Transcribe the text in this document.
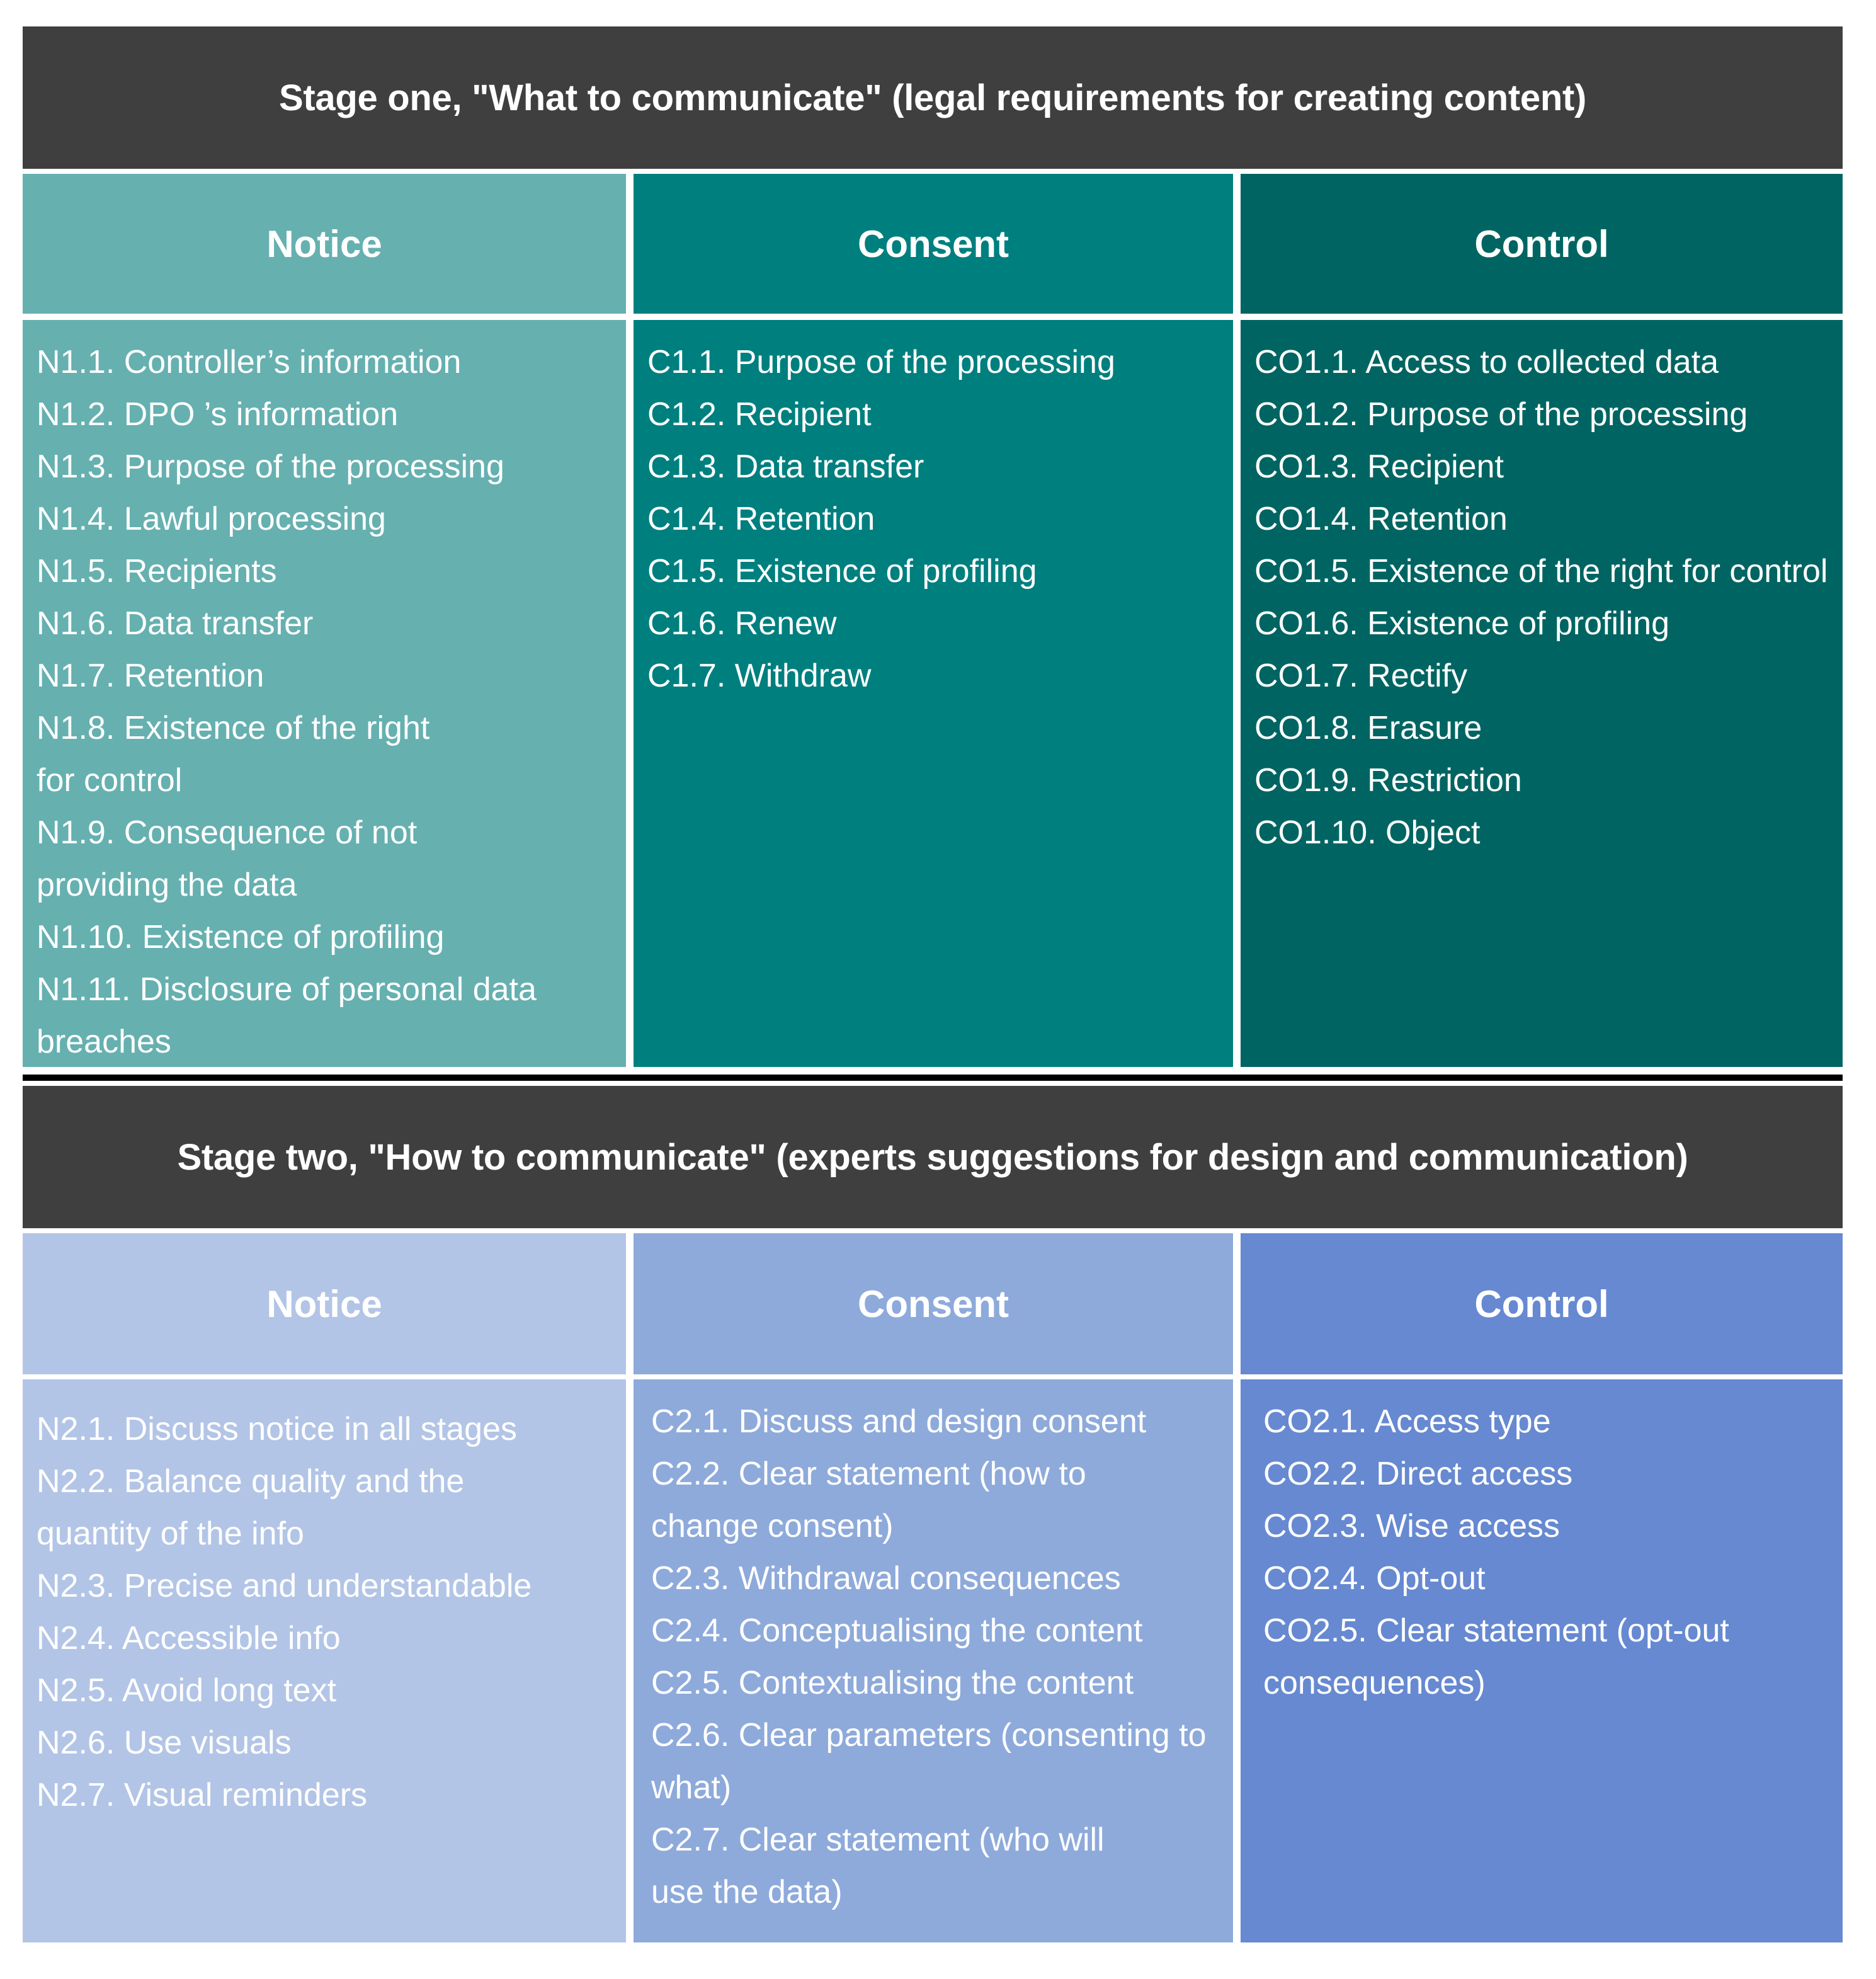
Stage one, "What to communicate" (legal requirements for creating content)
Notice	Consent	Control
N1.1. Controller’s information
N1.2. DPO ’s information
N1.3. Purpose of the processing
N1.4. Lawful processing
N1.5. Recipients
N1.6. Data transfer
N1.7. Retention
N1.8. Existence of the right for control
N1.9. Consequence of not providing the data
N1.10. Existence of profiling
N1.11. Disclosure of personal data breaches
C1.1. Purpose of the processing
C1.2. Recipient
C1.3. Data transfer
C1.4. Retention
C1.5. Existence of profiling
C1.6. Renew
C1.7. Withdraw
CO1.1. Access to collected data
CO1.2. Purpose of the processing
CO1.3. Recipient
CO1.4. Retention
CO1.5. Existence of the right for control
CO1.6. Existence of profiling
CO1.7. Rectify
CO1.8. Erasure
CO1.9. Restriction
CO1.10. Object
Stage two, "How to communicate" (experts suggestions for design and communication)
Notice	Consent	Control
N2.1. Discuss notice in all stages
N2.2. Balance quality and the quantity of the info
N2.3. Precise and understandable
N2.4. Accessible info
N2.5. Avoid long text
N2.6. Use visuals
N2.7. Visual reminders
C2.1. Discuss and design consent
C2.2. Clear statement (how to change consent)
C2.3. Withdrawal consequences
C2.4. Conceptualising the content
C2.5. Contextualising the content
C2.6. Clear parameters (consenting to what)
C2.7. Clear statement (who will use the data)
CO2.1. Access type
CO2.2. Direct access
CO2.3. Wise access
CO2.4. Opt-out
CO2.5. Clear statement (opt-out consequences)
